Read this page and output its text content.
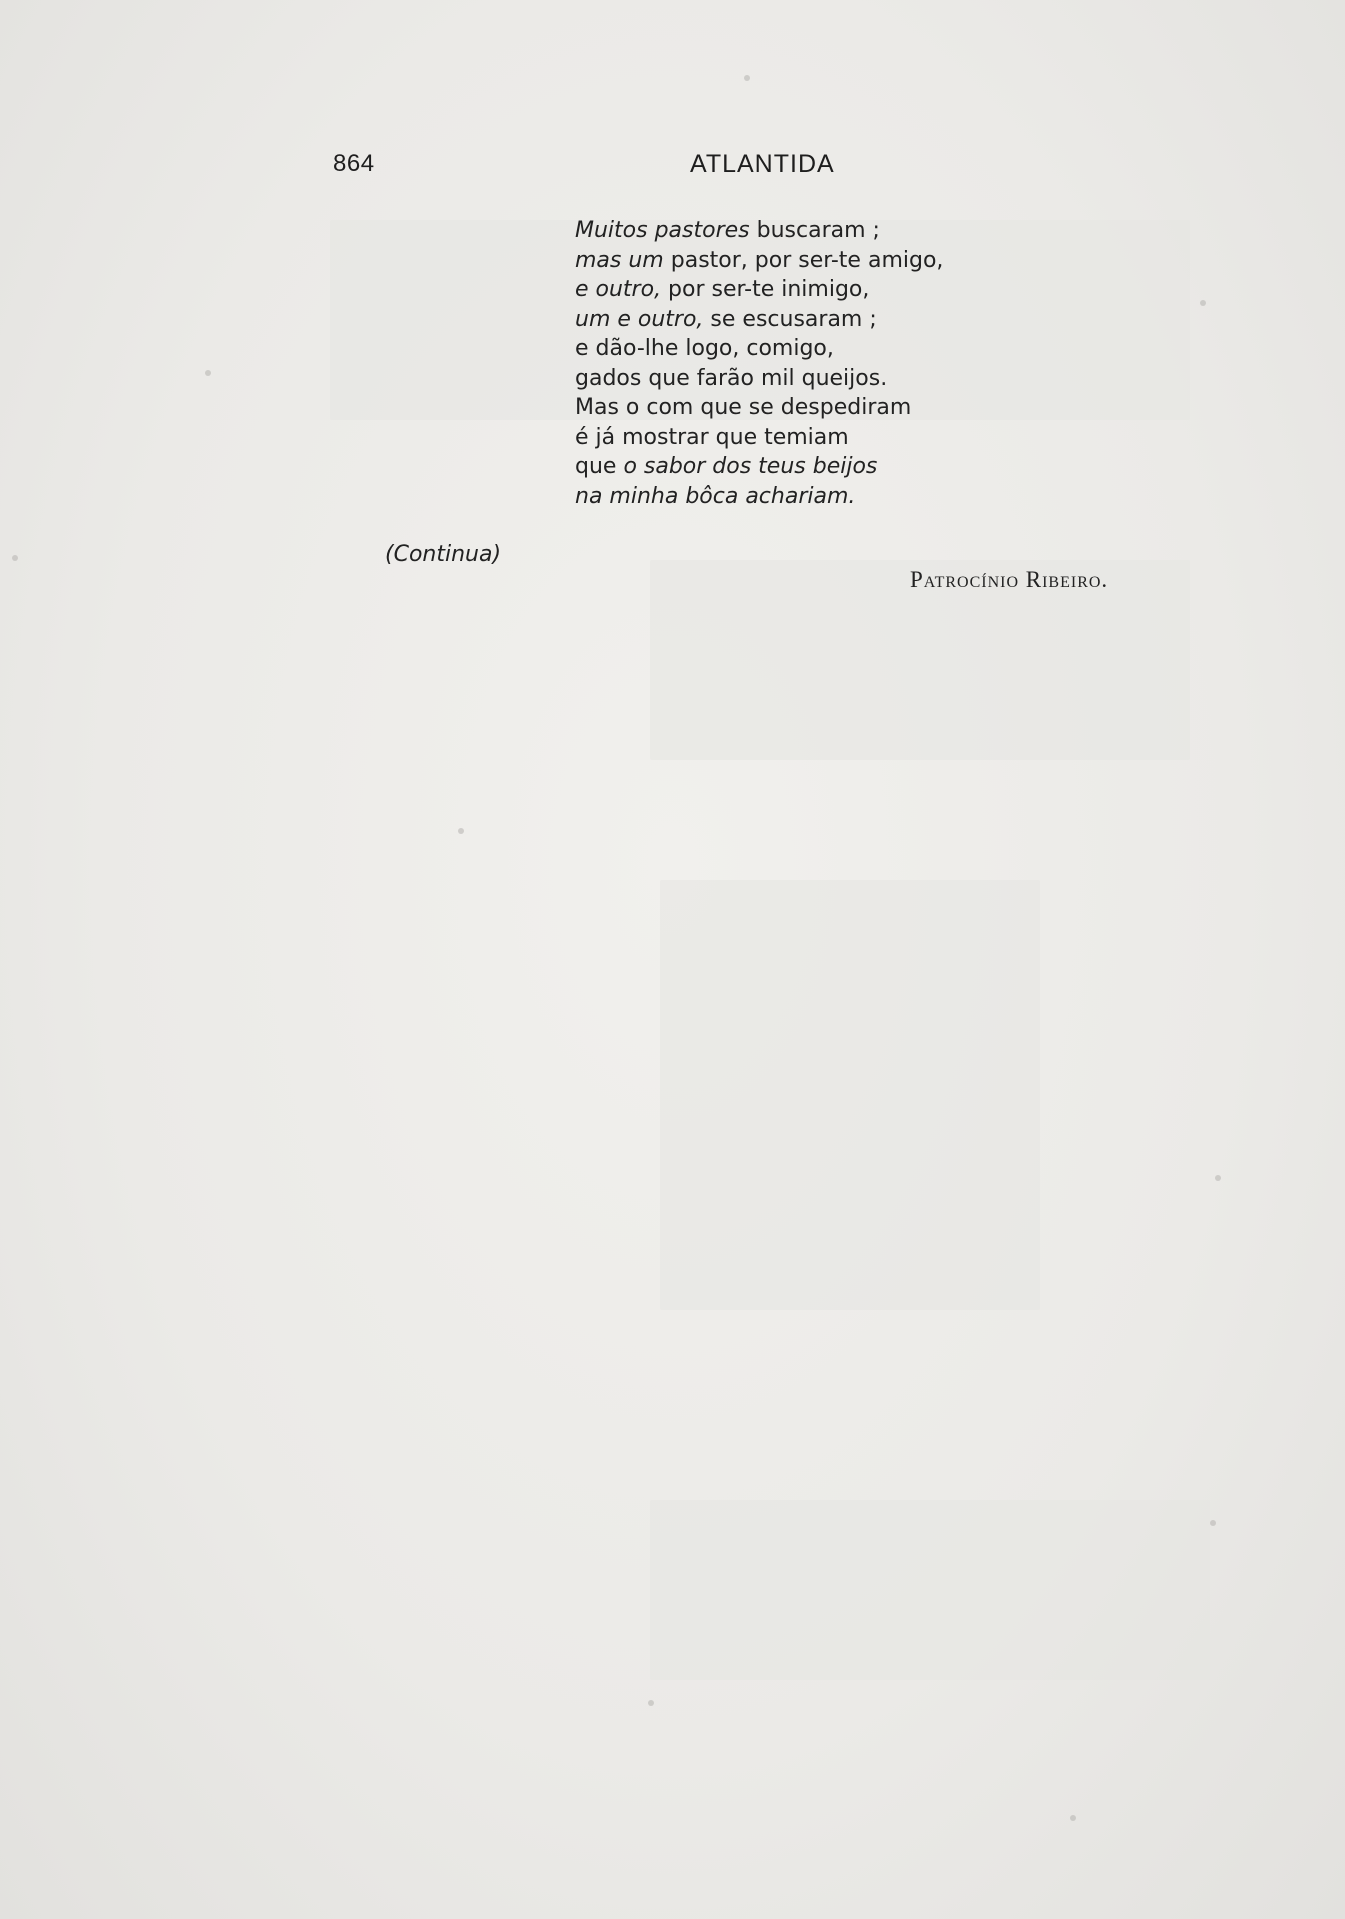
864	ATLANTIDA
Muitos pastores buscaram ;
mas um pastor, por ser-te amigo,
e outro, por ser-te inimigo,
um e outro, se escusaram ;
e dão-lhe logo, comigo,
gados que farão mil queijos.
Mas o com que se despediram
é já mostrar que temiam
que o sabor dos teus beijos
na minha bôca achariam.
(Continua)
Patrocínio Ribeiro.
